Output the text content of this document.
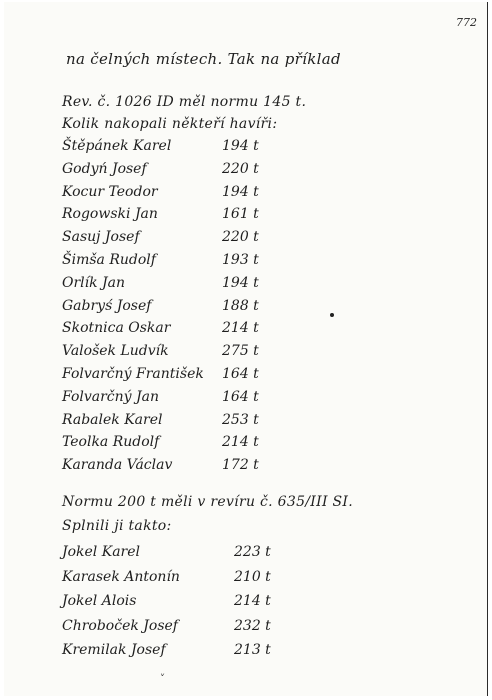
772
na čelných místech. Tak na příklad
Rev. č. 1026 ID měl normu 145 t.
Kolik nakopali někteří havíři:
Štěpánek Karel	194 t
Godyń Josef	220 t
Kocur Teodor	194 t
Rogowski Jan	161 t
Sasuj Josef	220 t
Šimša Rudolf	193 t
Orlík Jan	194 t
Gabryś Josef	188 t
Skotnica Oskar	214 t
Valošek Ludvík	275 t
Folvarčný František 164 t
Folvarčný Jan	164 t
Rabalek Karel	253 t
Teolka Rudolf	214 t
Karanda Václav	172 t
Normu 200 t měli v revíru č. 635/III SI.
Splnili ji takto:
Jokel Karel	223 t
Karasek Antonín	210 t
Jokel Alois	214 t
Chroboček Josef	232 t
Kremilak Josef	213 t
˅
